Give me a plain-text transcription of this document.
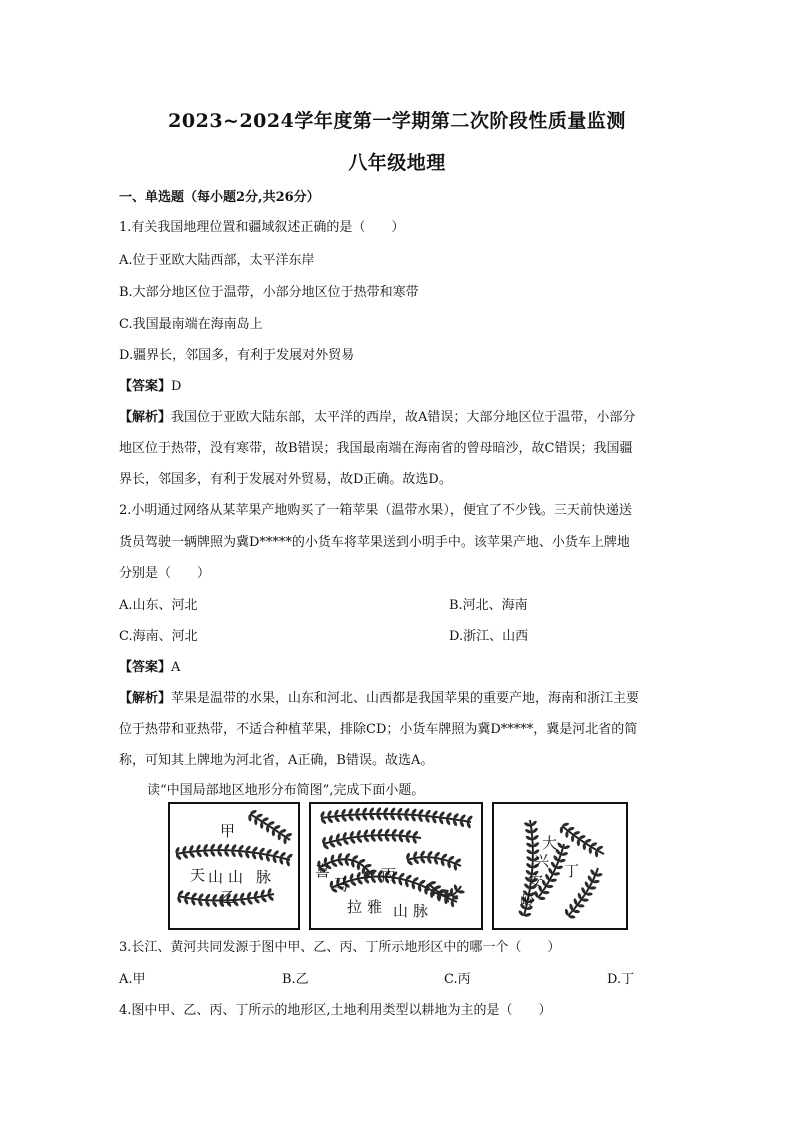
2023~2024学年度第一学期第二次阶段性质量监测
八年级地理
一、单选题（每小题2分,共26分）
1.有关我国地理位置和疆域叙述正确的是（　　）
A.位于亚欧大陆西部，太平洋东岸
B.大部分地区位于温带，小部分地区位于热带和寒带
C.我国最南端在海南岛上
D.疆界长，邻国多，有利于发展对外贸易
【答案】D
【解析】我国位于亚欧大陆东部，太平洋的西岸，故A错误；大部分地区位于温带，小部分
地区位于热带，没有寒带，故B错误；我国最南端在海南省的曾母暗沙，故C错误；我国疆
界长，邻国多，有利于发展对外贸易，故D正确。故选D。
2.小明通过网络从某苹果产地购买了一箱苹果（温带水果），便宜了不少钱。三天前快递送
货员驾驶一辆牌照为冀D*****的小货车将苹果送到小明手中。该苹果产地、小货车上牌地
分别是（　　）
A.山东、河北	B.河北、海南
C.海南、河北	D.浙江、山西
【答案】A
【解析】苹果是温带的水果，山东和河北、山西都是我国苹果的重要产地，海南和浙江主要
位于热带和亚热带，不适合种植苹果，排除CD；小货车牌照为冀D*****，冀是河北省的简
称，可知其上牌地为河北省，A正确，B错误。故选A。
读“中国局部地区地形分布简图”,完成下面小题。
甲
天 山 山 脉
乙
喜
马
拉 雅 山 脉
丙
大
兴
安
岭
丁
3.长江、黄河共同发源于图中甲、乙、丙、丁所示地形区中的哪一个（　　）
A.甲	B.乙	C.丙	D.丁
4.图中甲、乙、丙、丁所示的地形区,土地利用类型以耕地为主的是（　　）
